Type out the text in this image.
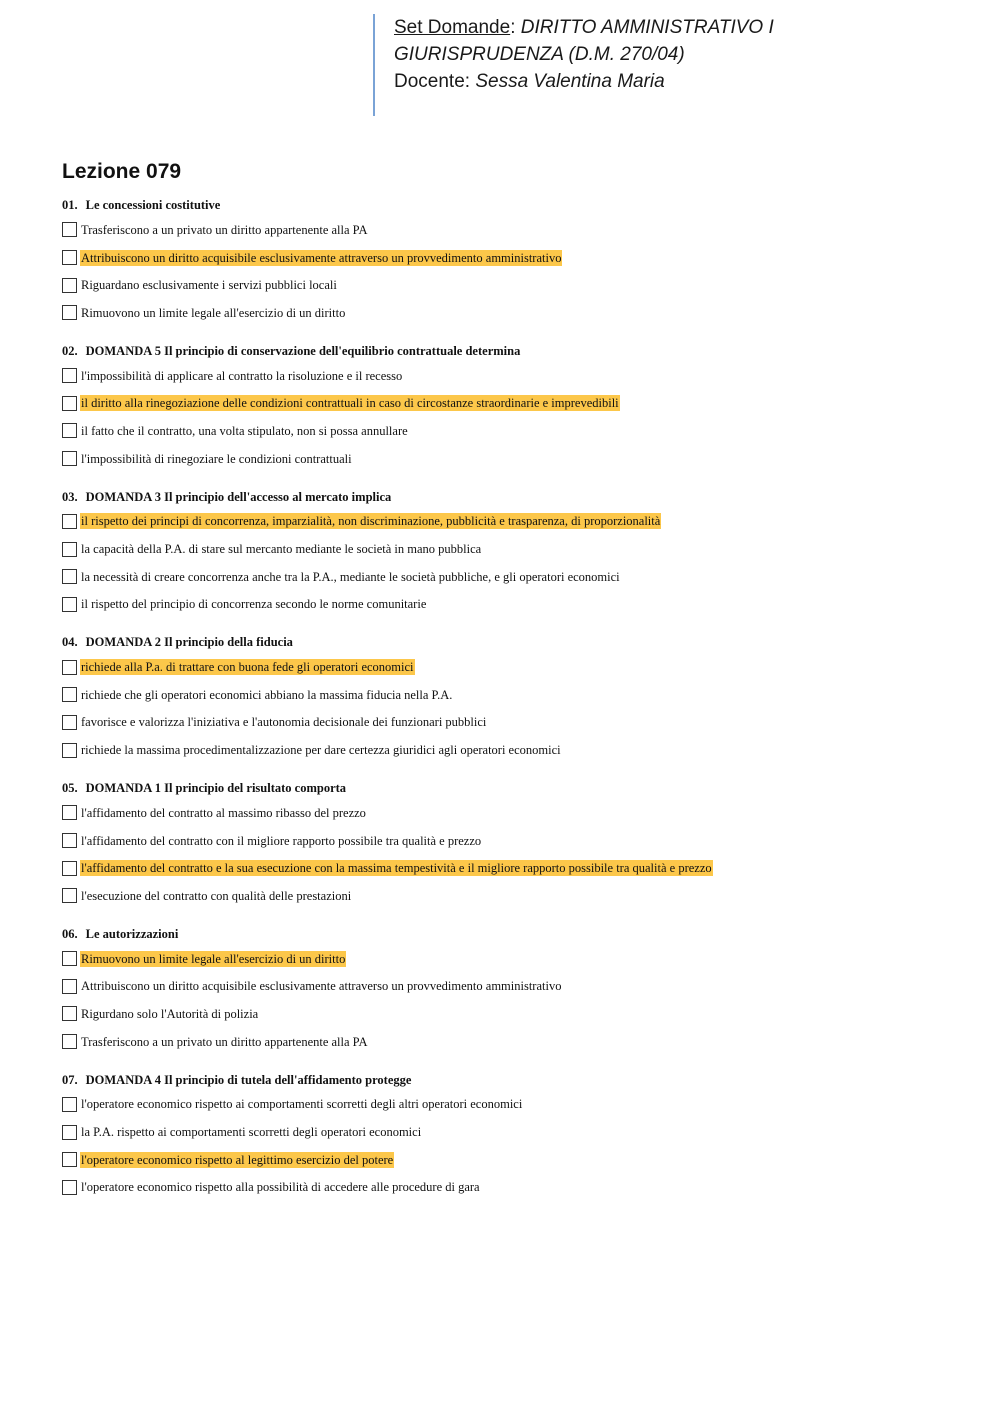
Set Domande: DIRITTO AMMINISTRATIVO I
GIURISPRUDENZA (D.M. 270/04)
Docente: Sessa Valentina Maria
Lezione 079
01. Le concessioni costitutive
Trasferiscono a un privato un diritto appartenente alla PA
Attribuiscono un diritto acquisibile esclusivamente attraverso un provvedimento amministrativo
Riguardano esclusivamente i servizi pubblici locali
Rimuovono un limite legale all'esercizio di un diritto
02. DOMANDA 5 Il principio di conservazione dell'equilibrio contrattuale determina
l'impossibilità di applicare al contratto la risoluzione e il recesso
il diritto alla rinegoziazione delle condizioni contrattuali in caso di circostanze straordinarie e imprevedibili
il fatto che il contratto, una volta stipulato, non si possa annullare
l'impossibilità di rinegoziare le condizioni contrattuali
03. DOMANDA 3 Il principio dell'accesso al mercato implica
il rispetto dei principi di concorrenza, imparzialità, non discriminazione, pubblicità e trasparenza, di proporzionalità
la capacità della P.A. di stare sul mercanto mediante le società in mano pubblica
la necessità di creare concorrenza anche tra la P.A., mediante le società pubbliche, e gli operatori economici
il rispetto del principio di concorrenza secondo le norme comunitarie
04. DOMANDA 2 Il principio della fiducia
richiede alla P.a. di trattare con buona fede gli operatori economici
richiede che gli operatori economici abbiano la massima fiducia nella P.A.
favorisce e valorizza l'iniziativa e l'autonomia decisionale dei funzionari pubblici
richiede la massima procedimentalizzazione per dare certezza giuridici agli operatori economici
05. DOMANDA 1 Il principio del risultato comporta
l'affidamento del contratto al massimo ribasso del prezzo
l'affidamento del contratto con il migliore rapporto possibile tra qualità e prezzo
l'affidamento del contratto e la sua esecuzione con la massima tempestività e il migliore rapporto possibile tra qualità e prezzo
l'esecuzione del contratto con qualità delle prestazioni
06. Le autorizzazioni
Rimuovono un limite legale all'esercizio di un diritto
Attribuiscono un diritto acquisibile esclusivamente attraverso un provvedimento amministrativo
Rigurdano solo l'Autorità di polizia
Trasferiscono a un privato un diritto appartenente alla PA
07. DOMANDA 4 Il principio di tutela dell'affidamento protegge
l'operatore economico rispetto ai comportamenti scorretti degli altri operatori economici
la P.A. rispetto ai comportamenti scorretti degli operatori economici
l'operatore economico rispetto al legittimo esercizio del potere
l'operatore economico rispetto alla possibilità di accedere alle procedure di gara
